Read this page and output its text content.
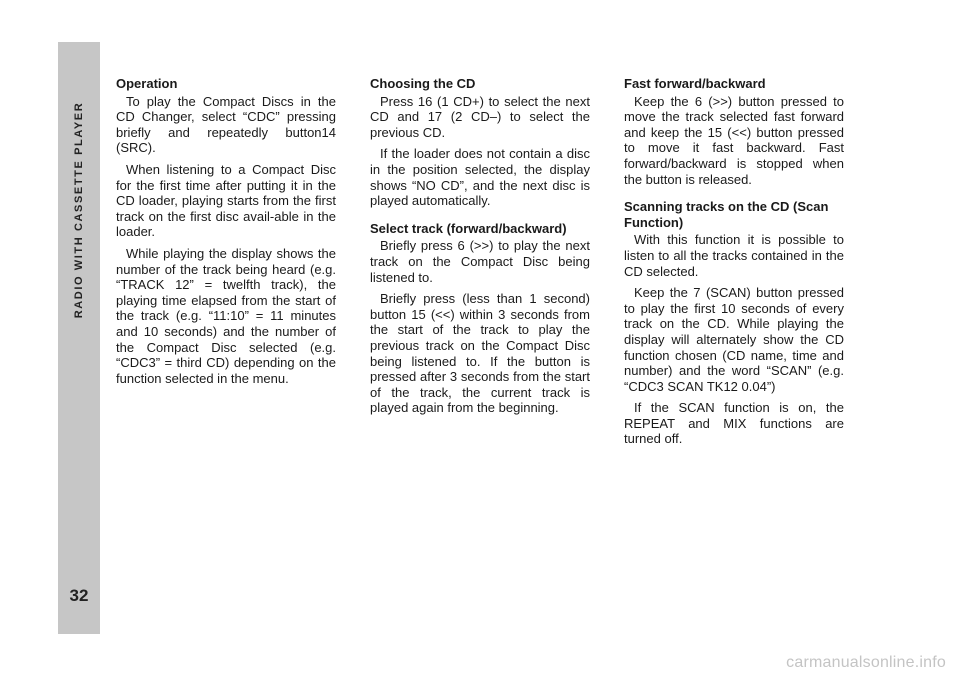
RADIO WITH CASSETTE PLAYER
32

Operation

To play the Compact Discs in the CD Changer, select “CDC” pressing briefly and repeatedly button14 (SRC).

When listening to a Compact Disc for the first time after putting it in the CD loader, playing starts from the first track on the first disc avail-able in the loader.

While playing the display shows the number of the track being heard (e.g. “TRACK 12” = twelfth track), the playing time elapsed from the start of the track (e.g. “11:10” = 11 minutes and 10 seconds) and the number of the Compact Disc selected (e.g. “CDC3” = third CD) depending on the function selected in the menu.

Choosing the CD

Press 16 (1 CD+) to select the next CD and 17 (2 CD–) to select the previous CD.

If the loader does not contain a disc in the position selected, the display shows “NO CD”, and the next disc is played automatically.

Select track (forward/backward)

Briefly press 6 (>>) to play the next track on the Compact Disc being listened to.

Briefly press (less than 1 second) button 15 (<<) within 3 seconds from the start of the track to play the previous track on the Compact Disc being listened to. If the button is pressed after 3 seconds from the start of the track, the current track is played again from the beginning.

Fast forward/backward

Keep the 6 (>>) button pressed to move the track selected fast forward and keep the 15 (<<) button pressed to move it fast backward. Fast forward/backward is stopped when the button is released.

Scanning tracks on the CD (Scan Function)

With this function it is possible to listen to all the tracks contained in the CD selected.

Keep the 7 (SCAN) button pressed to play the first 10 seconds of every track on the CD. While playing the display will alternately show the CD function chosen (CD name, time and number) and the word “SCAN” (e.g. “CDC3 SCAN TK12 0.04”)

If the SCAN function is on, the REPEAT and MIX functions are turned off.

carmanualsonline.info
